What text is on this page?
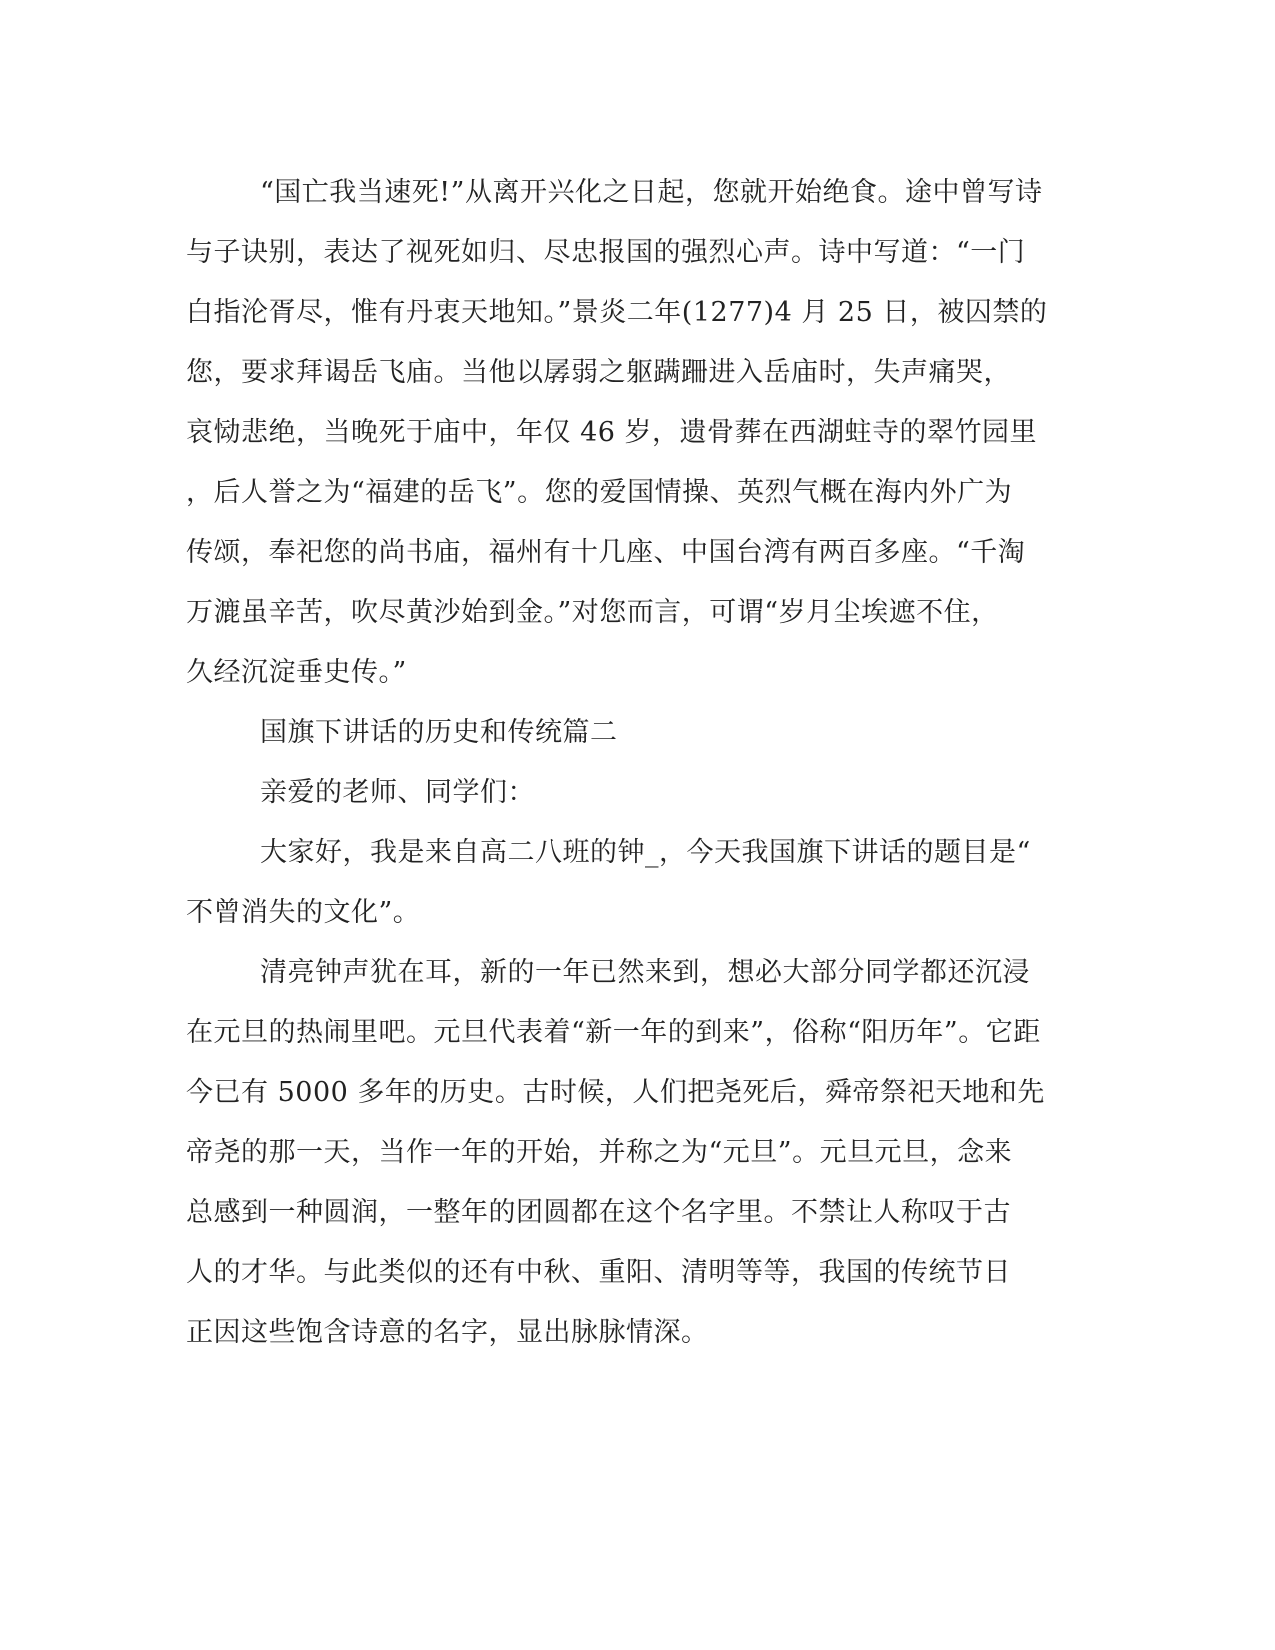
“国亡我当速死!”从离开兴化之日起，您就开始绝食。途中曾写诗
与子诀别，表达了视死如归、尽忠报国的强烈心声。诗中写道：“一门
白指沦胥尽，惟有丹衷天地知。”景炎二年(1277)4 月 25 日，被囚禁的
您，要求拜谒岳飞庙。当他以孱弱之躯蹒跚进入岳庙时，失声痛哭，
哀恸悲绝，当晚死于庙中，年仅 46 岁，遗骨葬在西湖蛀寺的翠竹园里
，后人誉之为“福建的岳飞”。您的爱国情操、英烈气概在海内外广为
传颂，奉祀您的尚书庙，福州有十几座、中国台湾有两百多座。“千淘
万漉虽辛苦，吹尽黄沙始到金。”对您而言，可谓“岁月尘埃遮不住，
久经沉淀垂史传。”
国旗下讲话的历史和传统篇二
亲爱的老师、同学们：
大家好，我是来自高二八班的钟_，今天我国旗下讲话的题目是“
不曾消失的文化”。
清亮钟声犹在耳，新的一年已然来到，想必大部分同学都还沉浸
在元旦的热闹里吧。元旦代表着“新一年的到来”，俗称“阳历年”。它距
今已有 5000 多年的历史。古时候，人们把尧死后，舜帝祭祀天地和先
帝尧的那一天，当作一年的开始，并称之为“元旦”。元旦元旦，念来
总感到一种圆润，一整年的团圆都在这个名字里。不禁让人称叹于古
人的才华。与此类似的还有中秋、重阳、清明等等，我国的传统节日
正因这些饱含诗意的名字，显出脉脉情深。
